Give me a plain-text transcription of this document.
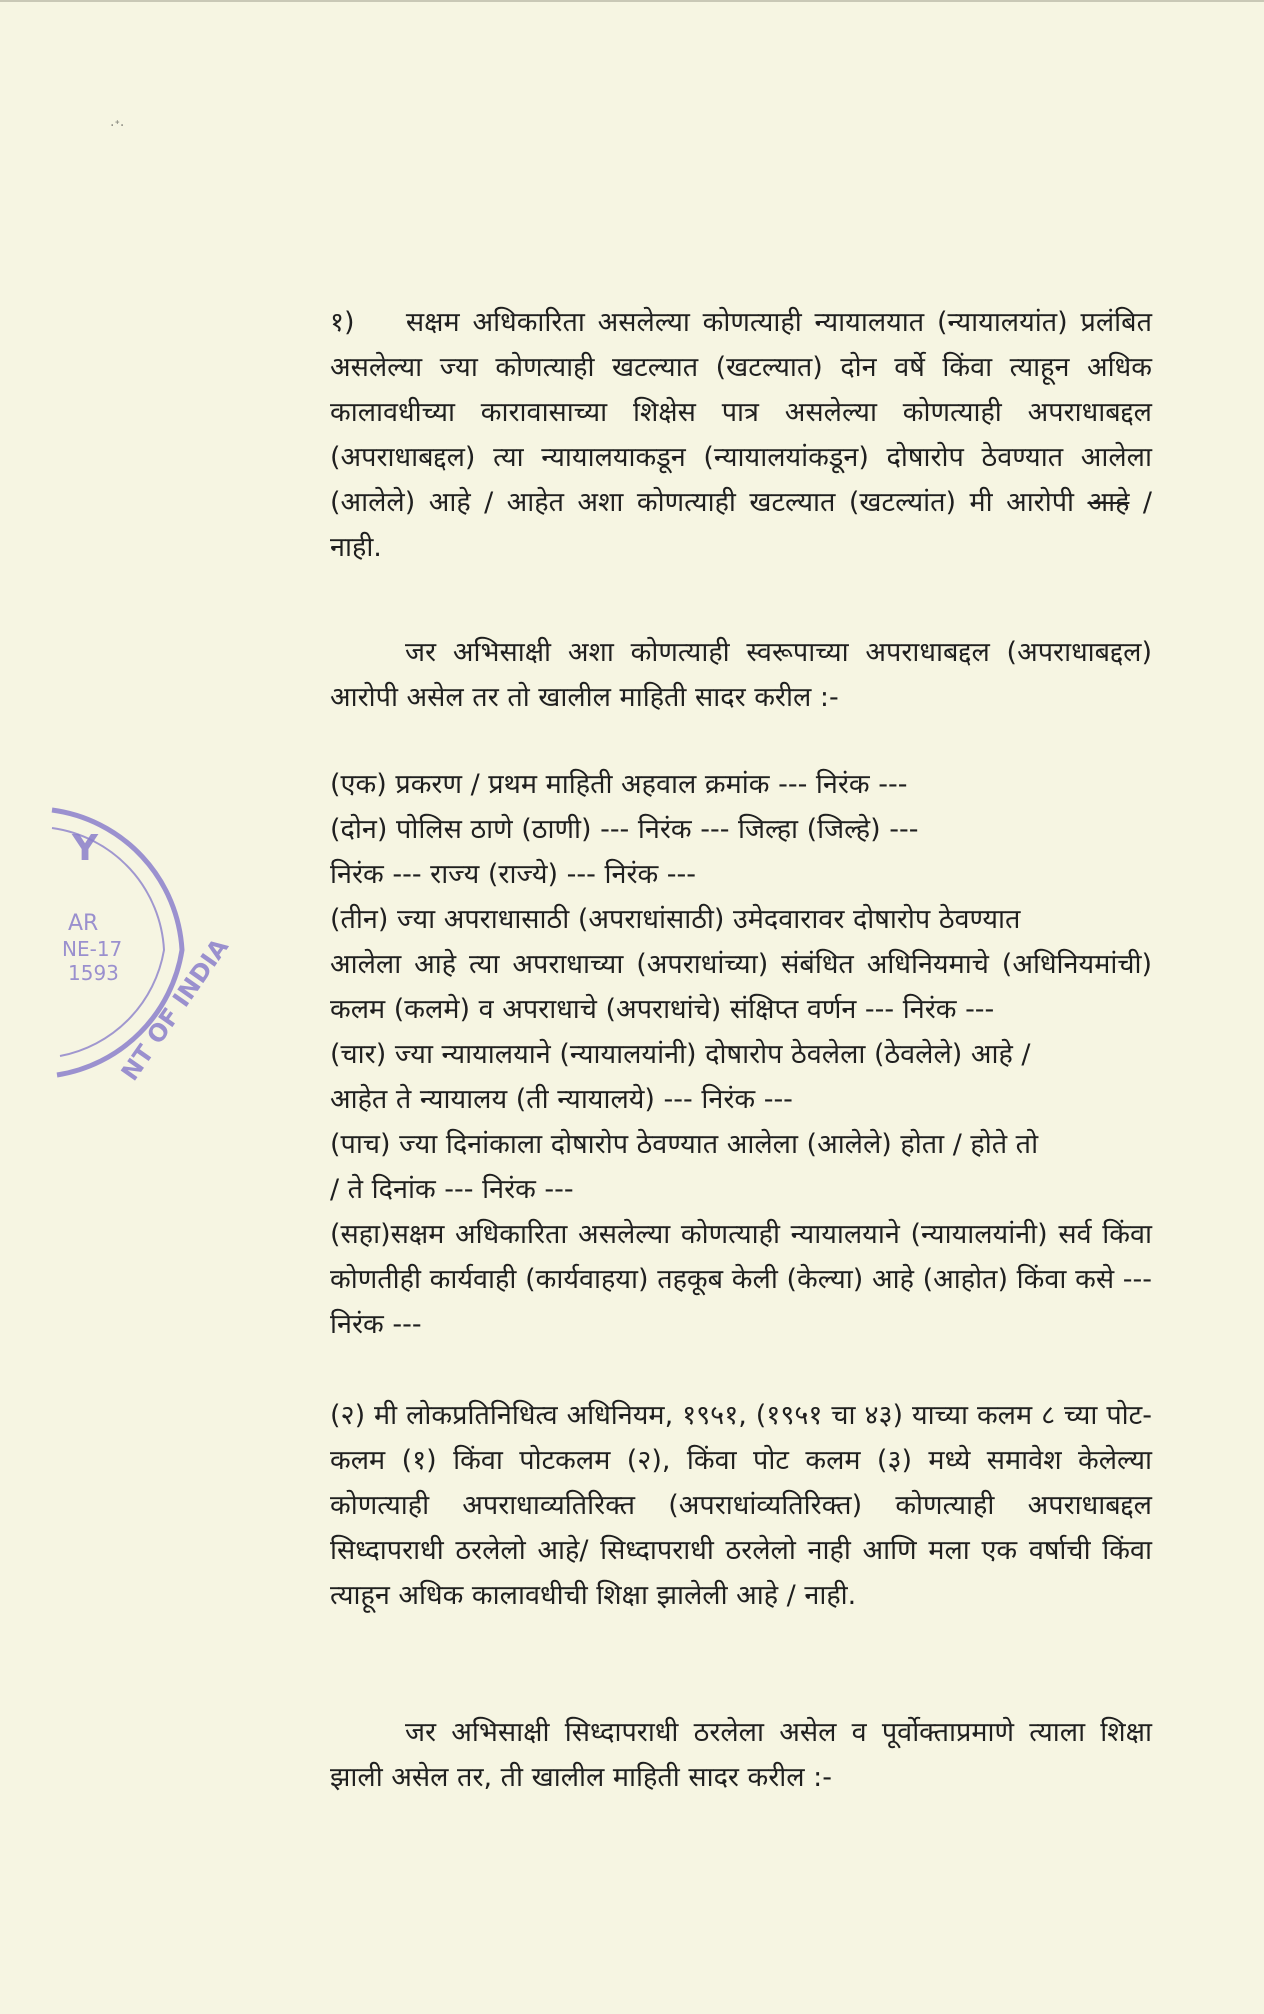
·ᐩ·
Y
AR
NE-17
1593
NT OF INDIA

१) सक्षम अधिकारिता असलेल्या कोणत्याही न्यायालयात (न्यायालयांत) प्रलंबित असलेल्या ज्या कोणत्याही खटल्यात (खटल्यात) दोन वर्षे किंवा त्याहून अधिक कालावधीच्या कारावासाच्या शिक्षेस पात्र असलेल्या कोणत्याही अपराधाबद्दल (अपराधाबद्दल) त्या न्यायालयाकडून (न्यायालयांकडून) दोषारोप ठेवण्यात आलेला (आलेले) आहे / आहेत अशा कोणत्याही खटल्यात (खटल्यांत) मी आरोपी आहे / नाही.

जर अभिसाक्षी अशा कोणत्याही स्वरूपाच्या अपराधाबद्दल (अपराधाबद्दल) आरोपी असेल तर तो खालील माहिती सादर करील :-

(एक) प्रकरण / प्रथम माहिती अहवाल क्रमांक --- निरंक ---

(दोन) पोलिस ठाणे (ठाणी) --- निरंक --- जिल्हा (जिल्हे) ---

निरंक --- राज्य (राज्ये) --- निरंक ---

(तीन) ज्या अपराधासाठी (अपराधांसाठी) उमेदवारावर दोषारोप ठेवण्यात

आलेला आहे त्या अपराधाच्या (अपराधांच्या) संबंधित अधिनियमाचे (अधिनियमांची) कलम (कलमे) व अपराधाचे (अपराधांचे) संक्षिप्त वर्णन --- निरंक ---

(चार) ज्या न्यायालयाने (न्यायालयांनी) दोषारोप ठेवलेला (ठेवलेले) आहे /

आहेत ते न्यायालय (ती न्यायालये) --- निरंक ---

(पाच) ज्या दिनांकाला दोषारोप ठेवण्यात आलेला (आलेले) होता / होते तो

/ ते दिनांक --- निरंक ---

(सहा)सक्षम अधिकारिता असलेल्या कोणत्याही न्यायालयाने (न्यायालयांनी) सर्व किंवा कोणतीही कार्यवाही (कार्यवाहया) तहकूब केली (केल्या) आहे (आहोत) किंवा कसे --- निरंक ---

(२) मी लोकप्रतिनिधित्व अधिनियम, १९५१, (१९५१ चा ४३) याच्या कलम ८ च्या पोट-कलम (१) किंवा पोटकलम (२), किंवा पोट कलम (३) मध्ये समावेश केलेल्या कोणत्याही अपराधाव्यतिरिक्त (अपराधांव्यतिरिक्त) कोणत्याही अपराधाबद्दल सिध्दापराधी ठरलेलो आहे/ सिध्दापराधी ठरलेलो नाही आणि मला एक वर्षाची किंवा त्याहून अधिक कालावधीची शिक्षा झालेली आहे / नाही.

जर अभिसाक्षी सिध्दापराधी ठरलेला असेल व पूर्वोक्ताप्रमाणे त्याला शिक्षा झाली असेल तर, ती खालील माहिती सादर करील :-
